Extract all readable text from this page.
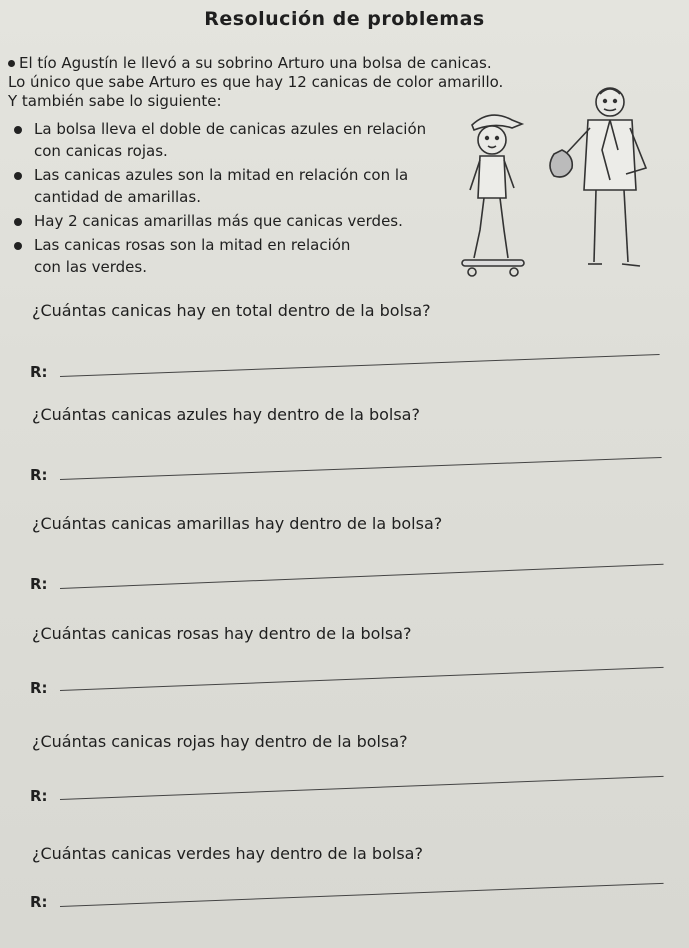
Resolución de problemas
El tío Agustín le llevó a su sobrino Arturo una bolsa de canicas.
Lo único que sabe Arturo es que hay 12 canicas de color amarillo.
Y también sabe lo siguiente:
La bolsa lleva el doble de canicas azules en relación
con canicas rojas.
Las canicas azules son la mitad en relación con la
cantidad de amarillas.
Hay 2 canicas amarillas más que canicas verdes.
Las canicas rosas son la mitad en relación
con las verdes.
¿Cuántas canicas hay en total dentro de la bolsa?
R:
¿Cuántas canicas azules hay dentro de la bolsa?
R:
¿Cuántas canicas amarillas hay dentro de la bolsa?
R:
¿Cuántas canicas rosas hay dentro de la bolsa?
R:
¿Cuántas canicas rojas hay dentro de la bolsa?
R:
¿Cuántas canicas verdes hay dentro de la bolsa?
R:
